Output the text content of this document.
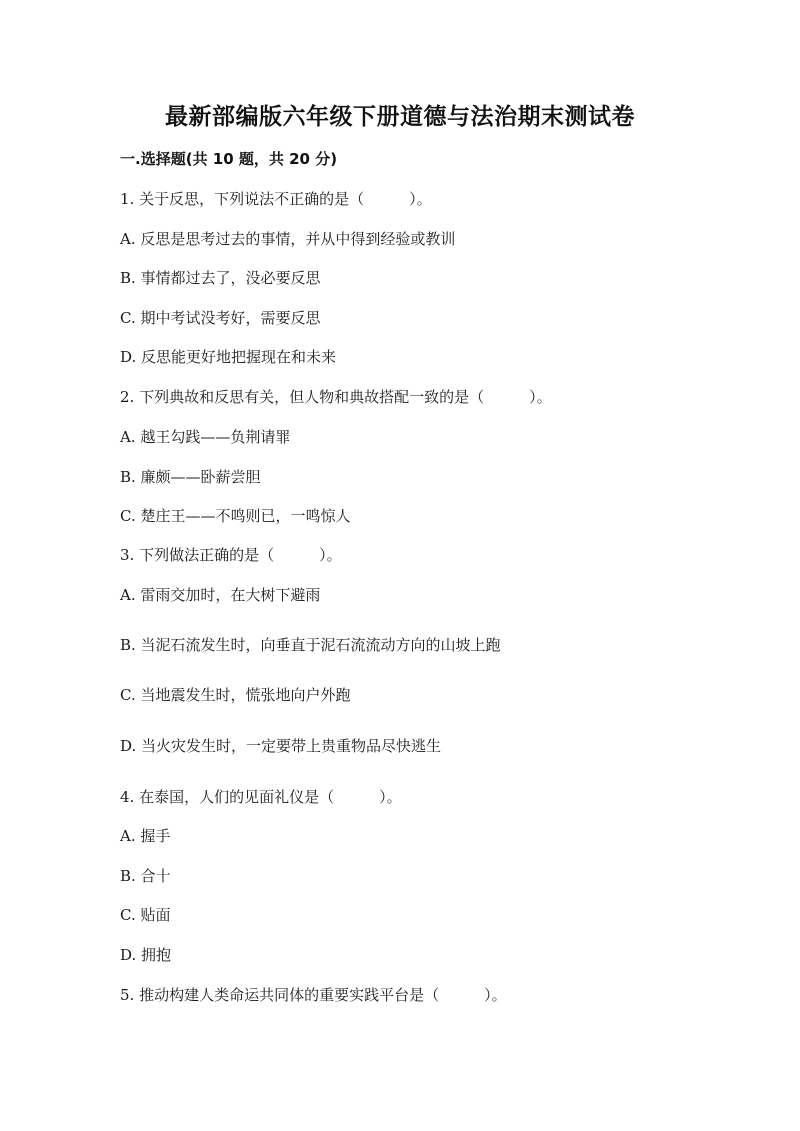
最新部编版六年级下册道德与法治期末测试卷
一.选择题(共 10 题，共 20 分)
1. 关于反思，下列说法不正确的是（　　　）。
A. 反思是思考过去的事情，并从中得到经验或教训
B. 事情都过去了，没必要反思
C. 期中考试没考好，需要反思
D. 反思能更好地把握现在和未来
2. 下列典故和反思有关，但人物和典故搭配一致的是（　　　）。
A. 越王勾践——负荆请罪
B. 廉颇——卧薪尝胆
C. 楚庄王——不鸣则已，一鸣惊人
3. 下列做法正确的是（　　　）。
A. 雷雨交加时，在大树下避雨
B. 当泥石流发生时，向垂直于泥石流流动方向的山坡上跑
C. 当地震发生时，慌张地向户外跑
D. 当火灾发生时，一定要带上贵重物品尽快逃生
4. 在泰国，人们的见面礼仪是（　　　）。
A. 握手
B. 合十
C. 贴面
D. 拥抱
5. 推动构建人类命运共同体的重要实践平台是（　　　）。
